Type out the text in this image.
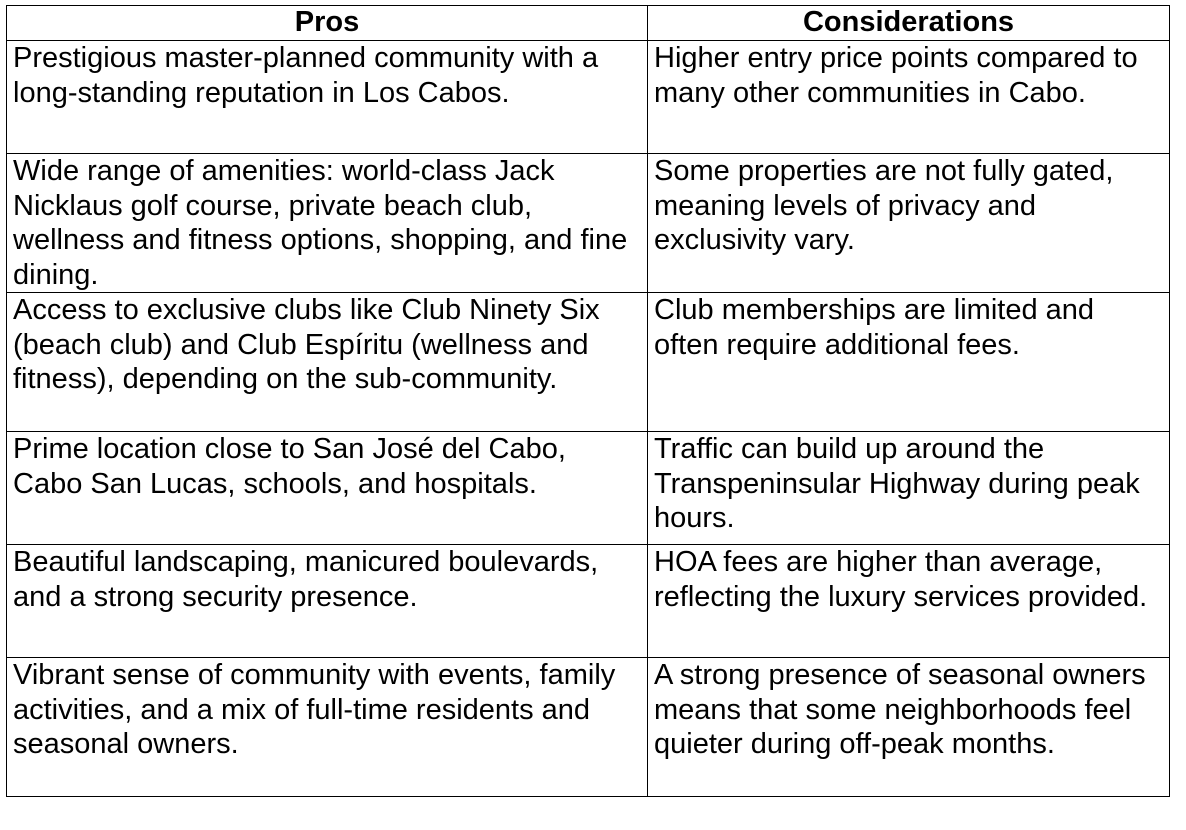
Pros	Considerations
Prestigious master-planned community with a long-standing reputation in Los Cabos.	Higher entry price points compared to many other communities in Cabo.
Wide range of amenities: world-class Jack Nicklaus golf course, private beach club, wellness and fitness options, shopping, and fine dining.	Some properties are not fully gated, meaning levels of privacy and exclusivity vary.
Access to exclusive clubs like Club Ninety Six (beach club) and Club Espíritu (wellness and fitness), depending on the sub-community.	Club memberships are limited and often require additional fees.
Prime location close to San José del Cabo, Cabo San Lucas, schools, and hospitals.	Traffic can build up around the Transpeninsular Highway during peak hours.
Beautiful landscaping, manicured boulevards, and a strong security presence.	HOA fees are higher than average, reflecting the luxury services provided.
Vibrant sense of community with events, family activities, and a mix of full-time residents and seasonal owners.	A strong presence of seasonal owners means that some neighborhoods feel quieter during off-peak months.
